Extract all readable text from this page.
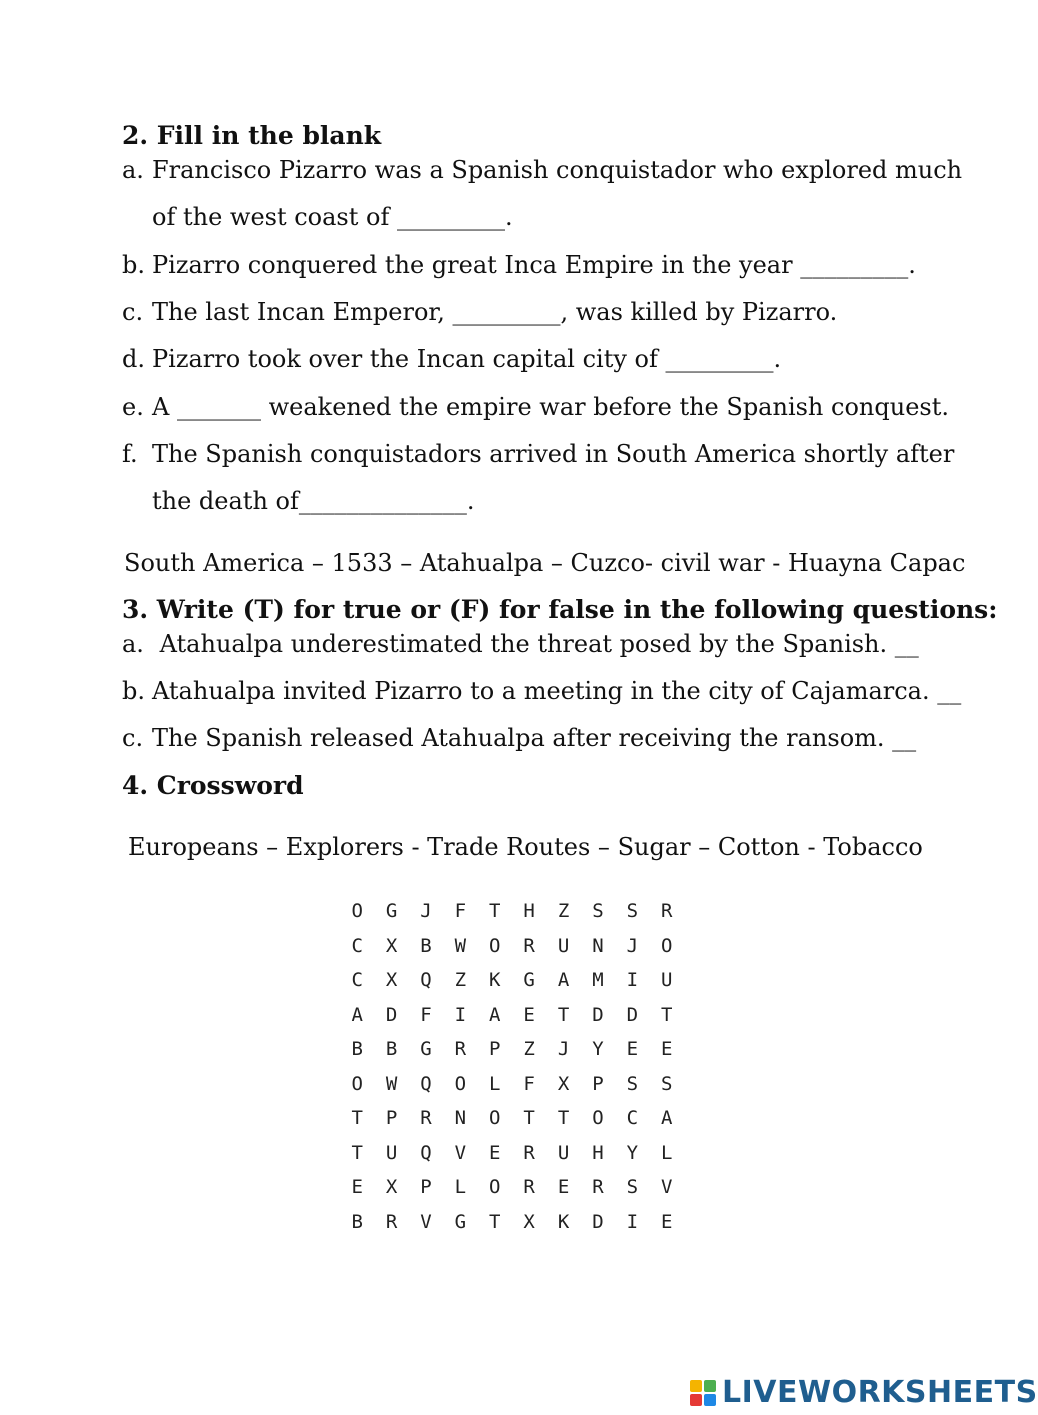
2. Fill in the blank
a. Francisco Pizarro was a Spanish conquistador who explored much
of the west coast of _________.
b. Pizarro conquered the great Inca Empire in the year _________.
c. The last Incan Emperor, _________, was killed by Pizarro.
d. Pizarro took over the Incan capital city of _________.
e. A _______ weakened the empire war before the Spanish conquest.
f. The Spanish conquistadors arrived in South America shortly after
the death of______________.
South America – 1533 – Atahualpa – Cuzco- civil war - Huayna Capac
3. Write (T) for true or (F) for false in the following questions:
a. Atahualpa underestimated the threat posed by the Spanish. __
b. Atahualpa invited Pizarro to a meeting in the city of Cajamarca. __
c. The Spanish released Atahualpa after receiving the ransom. __
4. Crossword
Europeans – Explorers - Trade Routes – Sugar – Cotton - Tobacco
O	G	J	F	T	H	Z	S	S	R
C	X	B	W	O	R	U	N	J	O
C	X	Q	Z	K	G	A	M	I	U
A	D	F	I	A	E	T	D	D	T
B	B	G	R	P	Z	J	Y	E	E
O	W	Q	O	L	F	X	P	S	S
T	P	R	N	O	T	T	O	C	A
T	U	Q	V	E	R	U	H	Y	L
E	X	P	L	O	R	E	R	S	V
B	R	V	G	T	X	K	D	I	E
LIVEWORKSHEETS
